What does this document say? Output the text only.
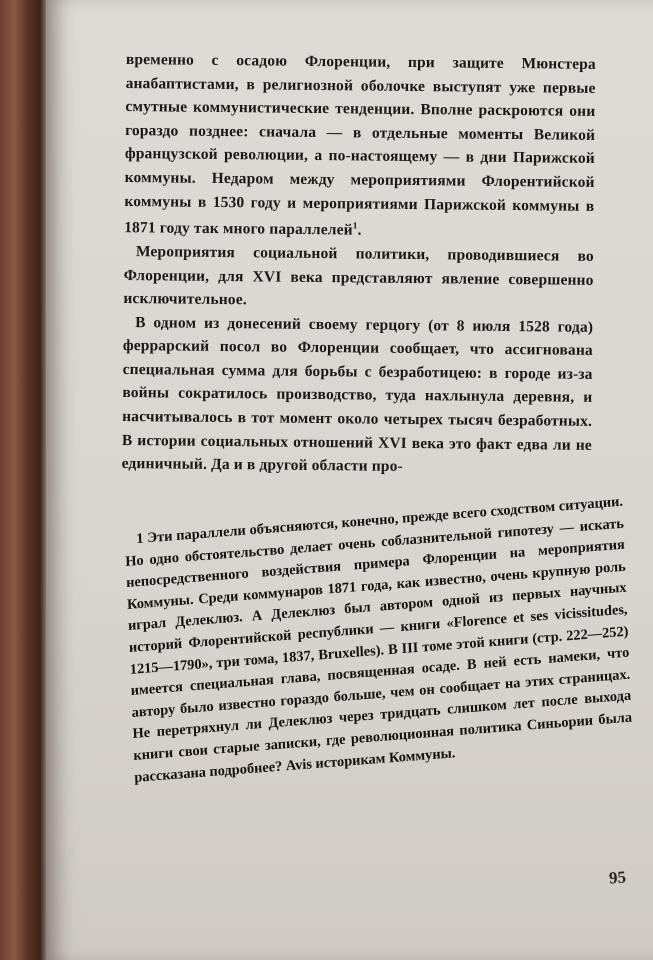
временно с осадою Флоренции, при защите Мюнстера анабаптистами, в религиозной оболочке выступят уже первые смутные коммунистические тенденции. Вполне раскроются они гораздо позднее: сначала — в отдельные моменты Великой французской революции, а по-настоящему — в дни Парижской коммуны. Недаром между мероприятиями Флорентийской коммуны в 1530 году и мероприятиями Парижской коммуны в 1871 году так много параллелей$^1$.

Мероприятия социальной политики, проводившиеся во Флоренции, для XVI века представляют явление совершенно исключительное.

В одном из донесений своему герцогу (от 8 июля 1528 года) феррарский посол во Флоренции сообщает, что ассигнована специальная сумма для борьбы с безработицею: в городе из-за войны сократилось производство, туда нахлынула деревня, и насчитывалось в тот момент около четырех тысяч безработных. В истории социальных отношений XVI века это факт едва ли не единичный. Да и в другой области про-

1 Эти параллели объясняются, конечно, прежде всего сходством ситуации. Но одно обстоятельство делает очень соблазнительной гипотезу — искать непосредственного воздействия примера Флоренции на мероприятия Коммуны. Среди коммунаров 1871 года, как известно, очень крупную роль играл Делеклюз. А Делеклюз был автором одной из первых научных историй Флорентийской республики — книги «Florence et ses vicissitudes, 1215—1790», три тома, 1837, Bruxelles). В III томе этой книги (стр. 222—252) имеется специальная глава, посвященная осаде. В ней есть намеки, что автору было известно гораздо больше, чем он сообщает на этих страницах. Не перетряхнул ли Делеклюз через тридцать слишком лет после выхода книги свои старые записки, где революционная политика Синьории была рассказана подробнее? Avis историкам Коммуны.

95
